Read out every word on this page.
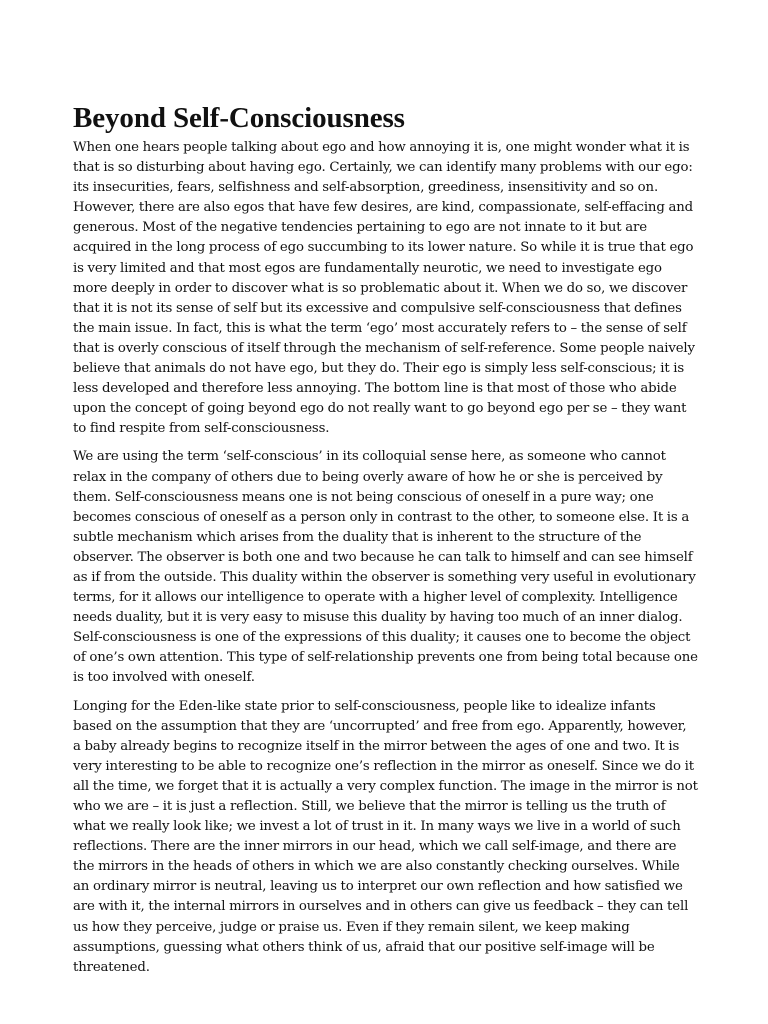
Beyond Self-Consciousness

When one hears people talking about ego and how annoying it is, one might wonder what it is that is so disturbing about having ego. Certainly, we can identify many problems with our ego: its insecurities, fears, selfishness and self-absorption, greediness, insensitivity and so on. However, there are also egos that have few desires, are kind, compassionate, self-effacing and generous. Most of the negative tendencies pertaining to ego are not innate to it but are acquired in the long process of ego succumbing to its lower nature. So while it is true that ego is very limited and that most egos are fundamentally neurotic, we need to investigate ego more deeply in order to discover what is so problematic about it. When we do so, we discover that it is not its sense of self but its excessive and compulsive self-consciousness that defines the main issue. In fact, this is what the term ‘ego’ most accurately refers to – the sense of self that is overly conscious of itself through the mechanism of self-reference. Some people naively believe that animals do not have ego, but they do. Their ego is simply less self-conscious; it is less developed and therefore less annoying. The bottom line is that most of those who abide upon the concept of going beyond ego do not really want to go beyond ego per se – they want to find respite from self-consciousness.

We are using the term ‘self-conscious’ in its colloquial sense here, as someone who cannot relax in the company of others due to being overly aware of how he or she is perceived by them. Self-consciousness means one is not being conscious of oneself in a pure way; one becomes conscious of oneself as a person only in contrast to the other, to someone else. It is a subtle mechanism which arises from the duality that is inherent to the structure of the observer. The observer is both one and two because he can talk to himself and can see himself as if from the outside. This duality within the observer is something very useful in evolutionary terms, for it allows our intelligence to operate with a higher level of complexity. Intelligence needs duality, but it is very easy to misuse this duality by having too much of an inner dialog. Self-consciousness is one of the expressions of this duality; it causes one to become the object of one’s own attention. This type of self-relationship prevents one from being total because one is too involved with oneself.

Longing for the Eden-like state prior to self-consciousness, people like to idealize infants based on the assumption that they are ‘uncorrupted’ and free from ego. Apparently, however, a baby already begins to recognize itself in the mirror between the ages of one and two. It is very interesting to be able to recognize one’s reflection in the mirror as oneself. Since we do it all the time, we forget that it is actually a very complex function. The image in the mirror is not who we are – it is just a reflection. Still, we believe that the mirror is telling us the truth of what we really look like; we invest a lot of trust in it. In many ways we live in a world of such reflections. There are the inner mirrors in our head, which we call self-image, and there are the mirrors in the heads of others in which we are also constantly checking ourselves. While an ordinary mirror is neutral, leaving us to interpret our own reflection and how satisfied we are with it, the internal mirrors in ourselves and in others can give us feedback – they can tell us how they perceive, judge or praise us. Even if they remain silent, we keep making assumptions, guessing what others think of us, afraid that our positive self-image will be threatened.
